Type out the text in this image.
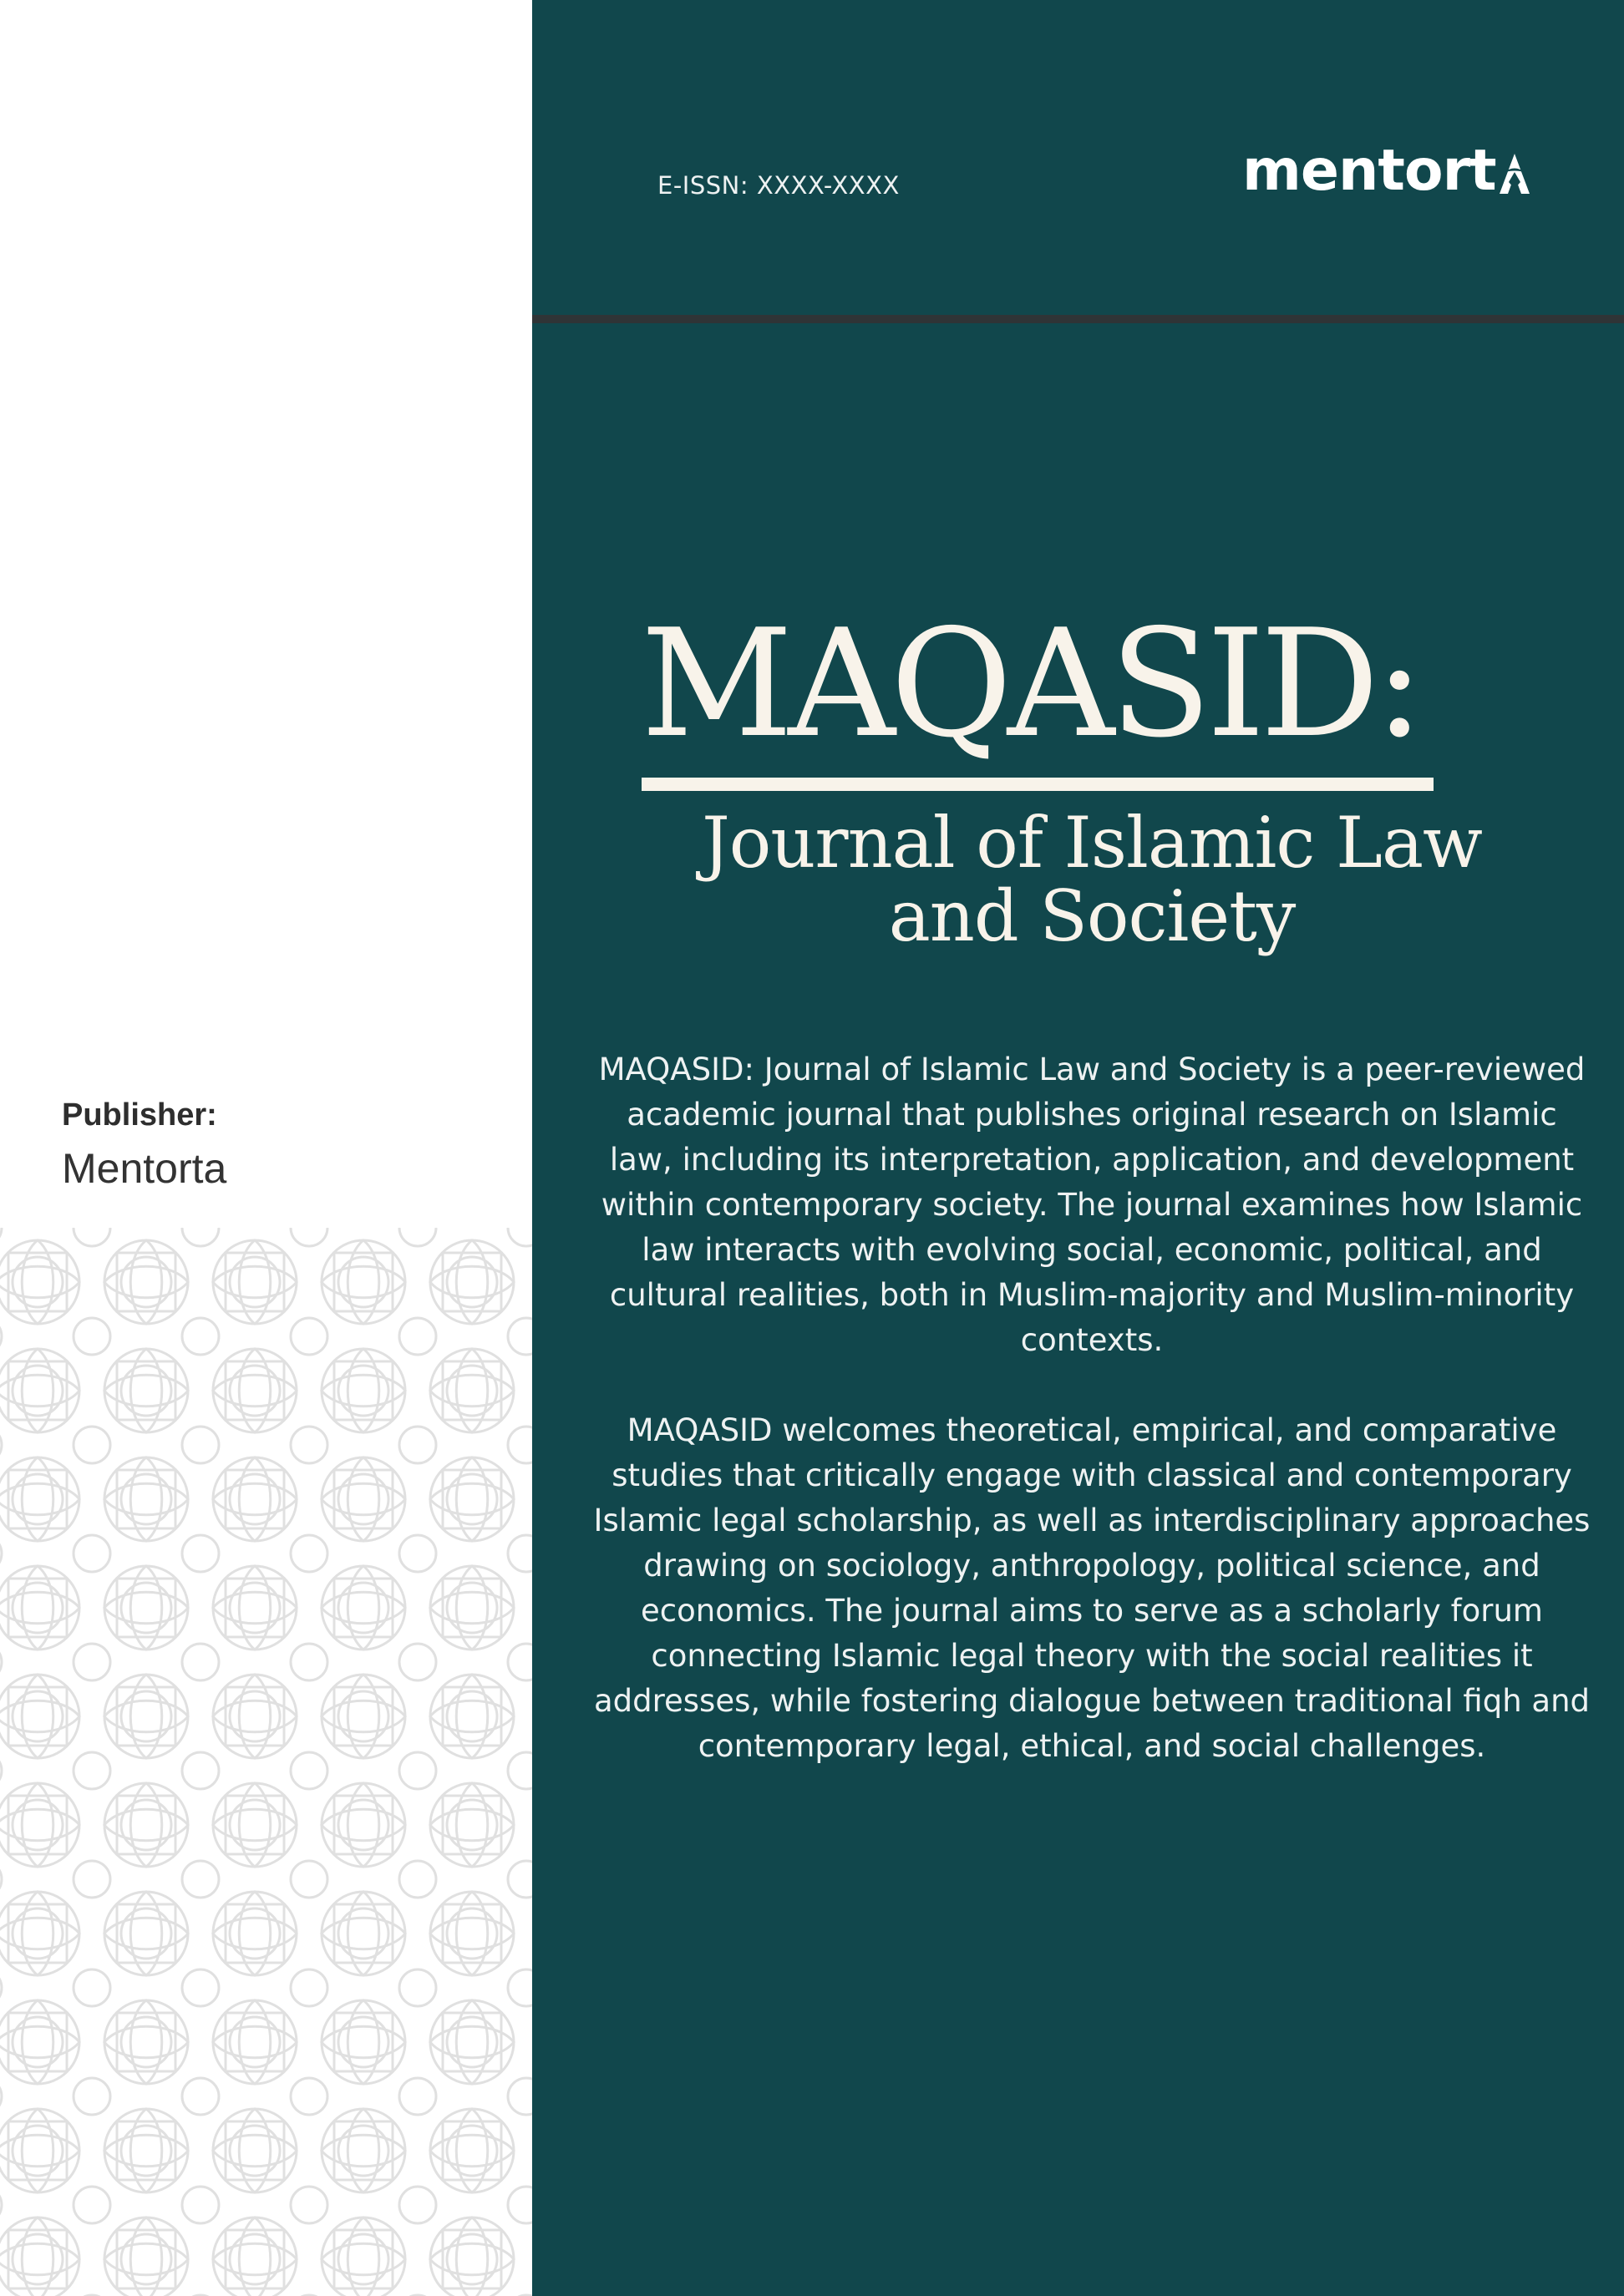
Publisher:
Mentorta
E-ISSN: XXXX-XXXX	mentort
MAQASID:
Journal of Islamic Law
and Society
MAQASID: Journal of Islamic Law and Society is a peer-reviewed academic journal that publishes original research on Islamic law, including its interpretation, application, and development within contemporary society. The journal examines how Islamic law interacts with evolving social, economic, political, and cultural realities, both in Muslim-majority and Muslim-minority contexts.
MAQASID welcomes theoretical, empirical, and comparative studies that critically engage with classical and contemporary Islamic legal scholarship, as well as interdisciplinary approaches drawing on sociology, anthropology, political science, and economics. The journal aims to serve as a scholarly forum connecting Islamic legal theory with the social realities it addresses, while fostering dialogue between traditional fiqh and contemporary legal, ethical, and social challenges.
